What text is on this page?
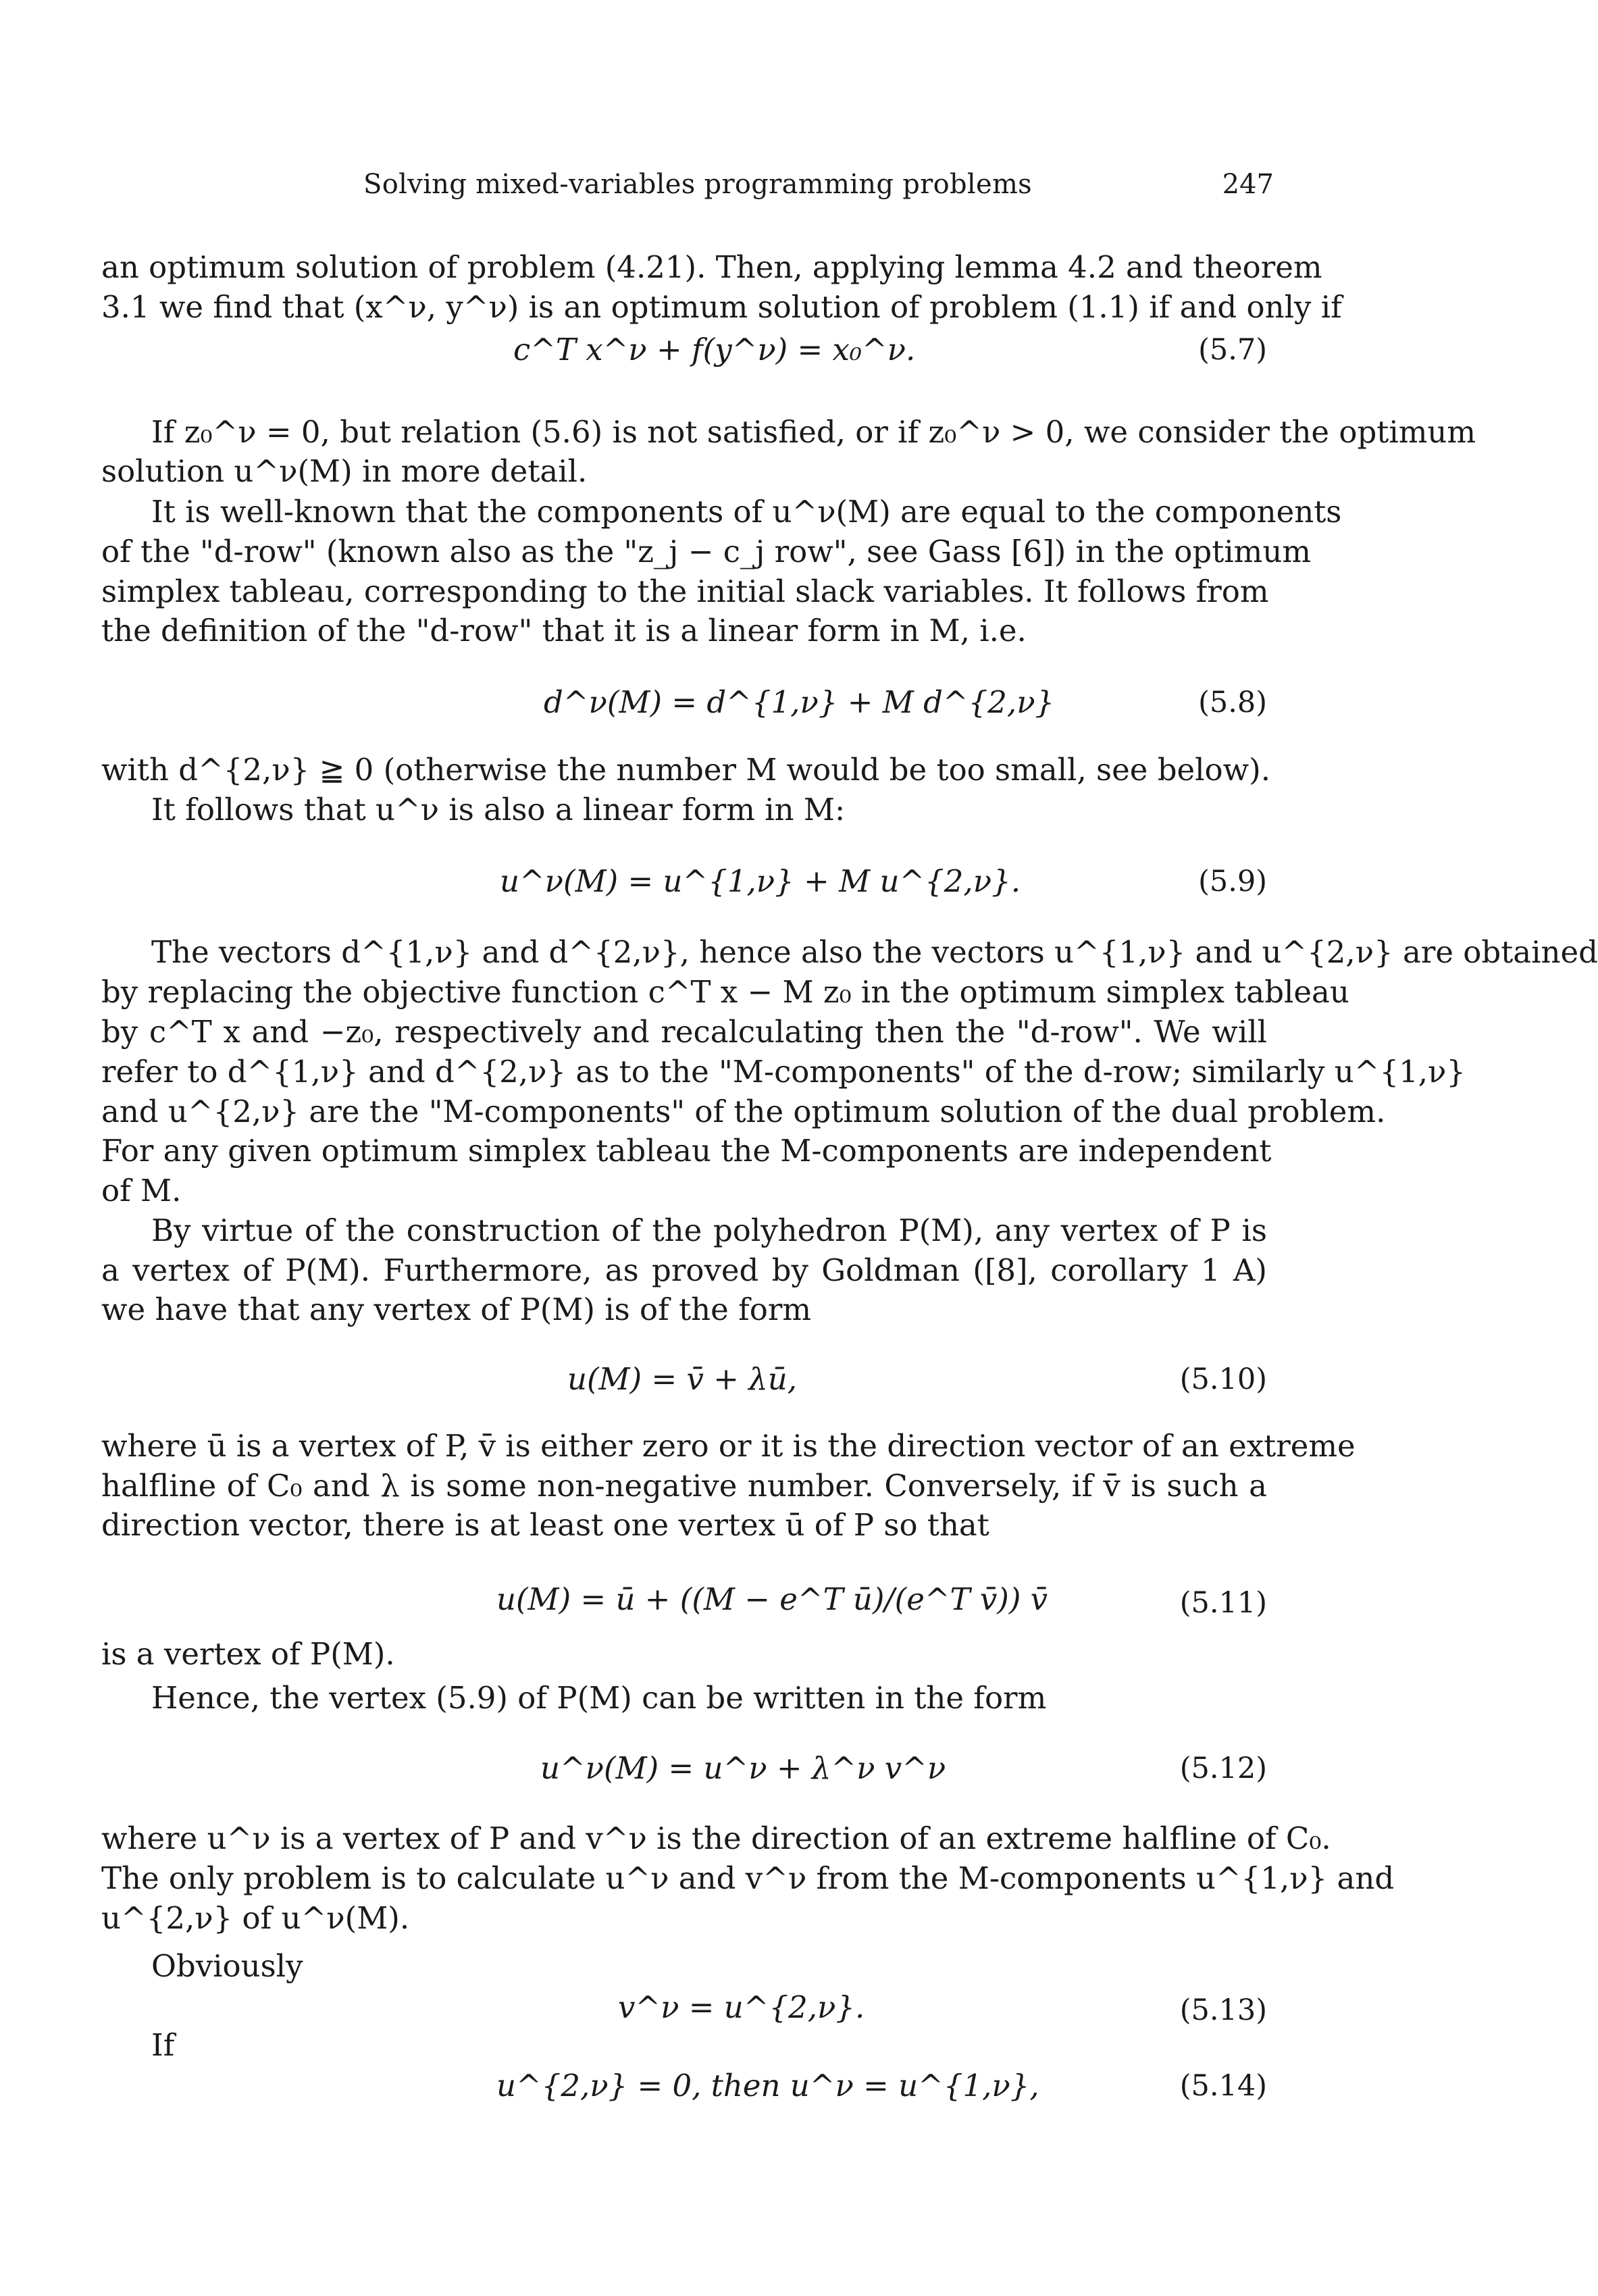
Solving mixed-variables programming problems	247
an optimum solution of problem (4.21). Then, applying lemma 4.2 and theorem
3.1 we find that (x^ν, y^ν) is an optimum solution of problem (1.1) if and only if
c^T x^ν + f(y^ν) = x₀^ν.	(5.7)
If z₀^ν = 0, but relation (5.6) is not satisfied, or if z₀^ν > 0, we consider the optimum
solution u^ν(M) in more detail.
It is well-known that the components of u^ν(M) are equal to the components
of the "d-row" (known also as the "z_j − c_j row", see Gass [6]) in the optimum
simplex tableau, corresponding to the initial slack variables. It follows from
the definition of the "d-row" that it is a linear form in M, i.e.
d^ν(M) = d^{1,ν} + M d^{2,ν}	(5.8)
with d^{2,ν} ≧ 0 (otherwise the number M would be too small, see below).
It follows that u^ν is also a linear form in M:
u^ν(M) = u^{1,ν} + M u^{2,ν}.	(5.9)
The vectors d^{1,ν} and d^{2,ν}, hence also the vectors u^{1,ν} and u^{2,ν} are obtained
by replacing the objective function c^T x − M z₀ in the optimum simplex tableau
by c^T x and −z₀, respectively and recalculating then the "d-row". We will
refer to d^{1,ν} and d^{2,ν} as to the "M-components" of the d-row; similarly u^{1,ν}
and u^{2,ν} are the "M-components" of the optimum solution of the dual problem.
For any given optimum simplex tableau the M-components are independent
of M.
By virtue of the construction of the polyhedron P(M), any vertex of P is
a vertex of P(M). Furthermore, as proved by Goldman ([8], corollary 1 A)
we have that any vertex of P(M) is of the form
u(M) = v̄ + λū,	(5.10)
where ū is a vertex of P, v̄ is either zero or it is the direction vector of an extreme
halfline of C₀ and λ is some non-negative number. Conversely, if v̄ is such a
direction vector, there is at least one vertex ū of P so that
u(M) = ū + ((M − e^T ū)/(e^T v̄)) v̄	(5.11)
is a vertex of P(M).
Hence, the vertex (5.9) of P(M) can be written in the form
u^ν(M) = u^ν + λ^ν v^ν	(5.12)
where u^ν is a vertex of P and v^ν is the direction of an extreme halfline of C₀.
The only problem is to calculate u^ν and v^ν from the M-components u^{1,ν} and
u^{2,ν} of u^ν(M).
Obviously
v^ν = u^{2,ν}.	(5.13)
If
u^{2,ν} = 0, then u^ν = u^{1,ν},	(5.14)
